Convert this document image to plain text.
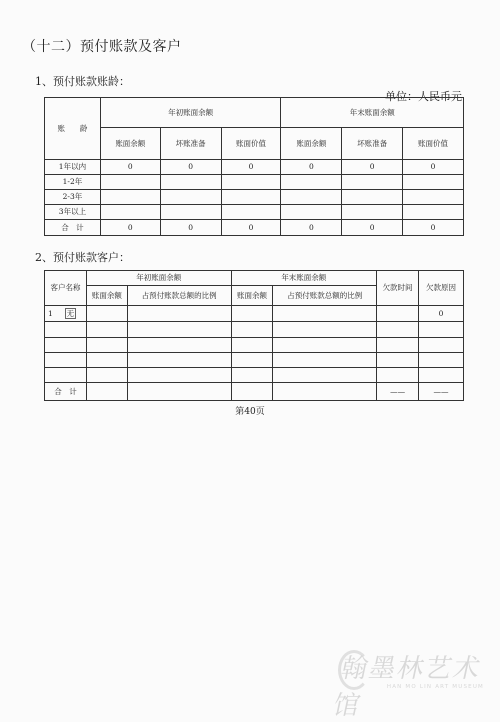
（十二）预付账款及客户
1、预付账款账龄：
单位：人民币元
账　　龄	年初账面余额			年末账面余额		
	账面余额	坏账准备	账面价值	账面余额	坏账准备	账面价值
1年以内	0	0	0	0	0	0
1-2年						
2-3年						
3年以上						
合　计	0	0	0	0	0	0
2、预付账款客户：
客户名称	年初账面余额		年末账面余额		欠款时间	欠款原因
	账面余额	占预付账款总额的比例	账面余额	占预付账款总额的比例		
1 无						0

合　计					——	——
第40页
翰墨林艺术馆
HAN MO LIN ART MUSEUM
